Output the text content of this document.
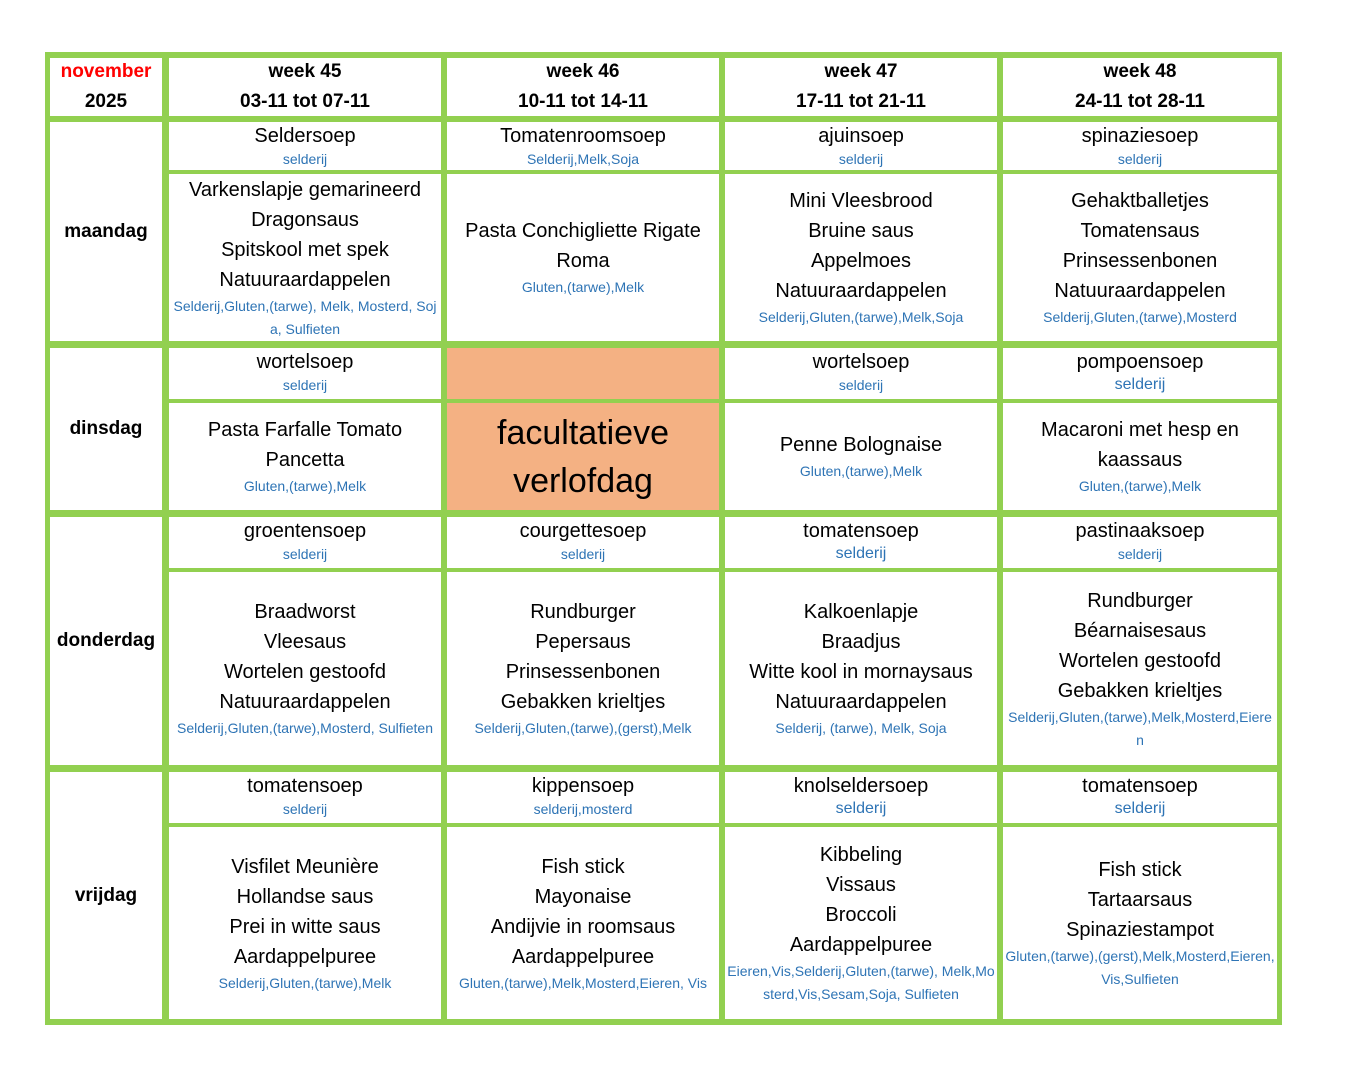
november
2025
week 45
03-11 tot 07-11
week 46
10-11 tot 14-11
week 47
17-11 tot 21-11
week 48
24-11 tot 28-11
maandag
Seldersoep
selderij
Varkenslapje gemarineerd
Dragonsaus
Spitskool met spek
Natuuraardappelen
Selderij,Gluten,(tarwe), Melk, Mosterd, Soja, Sulfieten
Tomatenroomsoep
Selderij,Melk,Soja
Pasta Conchigliette Rigate
Roma
Gluten,(tarwe),Melk
ajuinsoep
selderij
Mini Vleesbrood
Bruine saus
Appelmoes
Natuuraardappelen
Selderij,Gluten,(tarwe),Melk,Soja
spinaziesoep
selderij
Gehaktballetjes
Tomatensaus
Prinsessenbonen
Natuuraardappelen
Selderij,Gluten,(tarwe),Mosterd
dinsdag
wortelsoep
selderij
Pasta Farfalle Tomato
Pancetta
Gluten,(tarwe),Melk
facultatieve
verlofdag
wortelsoep
selderij
Penne Bolognaise
Gluten,(tarwe),Melk
pompoensoep
selderij
Macaroni met hesp en
kaassaus
Gluten,(tarwe),Melk
donderdag
groentensoep
selderij
Braadworst
Vleesaus
Wortelen gestoofd
Natuuraardappelen
Selderij,Gluten,(tarwe),Mosterd, Sulfieten
courgettesoep
selderij
Rundburger
Pepersaus
Prinsessenbonen
Gebakken krieltjes
Selderij,Gluten,(tarwe),(gerst),Melk
tomatensoep
selderij
Kalkoenlapje
Braadjus
Witte kool in mornaysaus
Natuuraardappelen
Selderij, (tarwe), Melk, Soja
pastinaaksoep
selderij
Rundburger
Béarnaisesaus
Wortelen gestoofd
Gebakken krieltjes
Selderij,Gluten,(tarwe),Melk,Mosterd,Eieren
vrijdag
tomatensoep
selderij
Visfilet Meunière
Hollandse saus
Prei in witte saus
Aardappelpuree
Selderij,Gluten,(tarwe),Melk
kippensoep
selderij,mosterd
Fish stick
Mayonaise
Andijvie in roomsaus
Aardappelpuree
Gluten,(tarwe),Melk,Mosterd,Eieren, Vis
knolseldersoep
selderij
Kibbeling
Vissaus
Broccoli
Aardappelpuree
Eieren,Vis,Selderij,Gluten,(tarwe), Melk,Mosterd,Vis,Sesam,Soja, Sulfieten
tomatensoep
selderij
Fish stick
Tartaarsaus
Spinaziestampot
Gluten,(tarwe),(gerst),Melk,Mosterd,Eieren,Vis,Sulfieten
